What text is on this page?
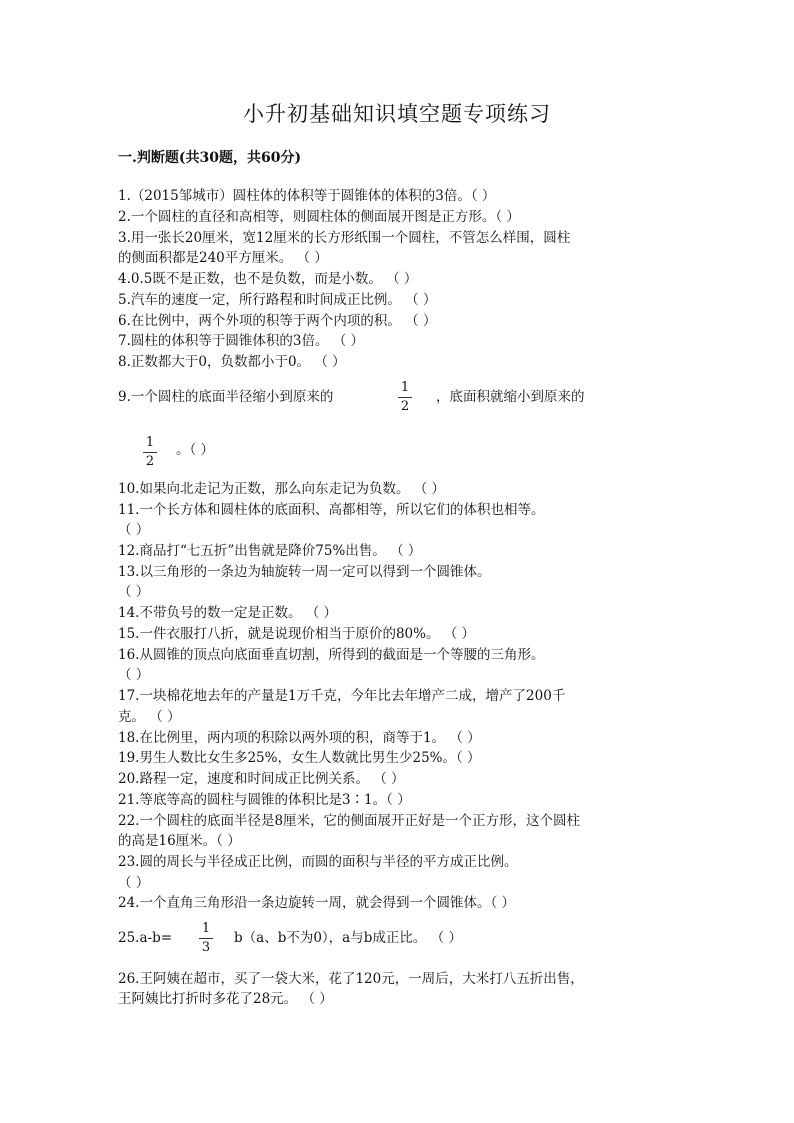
小升初基础知识填空题专项练习
一.判断题(共30题，共60分)
1.（2015邹城市）圆柱体的体积等于圆锥体的体积的3倍。（ ）
2.一个圆柱的直径和高相等，则圆柱体的侧面展开图是正方形。（ ）
3.用一张长20厘米，宽12厘米的长方形纸围一个圆柱，不管怎么样围，圆柱
的侧面积都是240平方厘米。 （ ）
4.0.5既不是正数，也不是负数，而是小数。 （ ）
5.汽车的速度一定，所行路程和时间成正比例。 （ ）
6.在比例中，两个外项的积等于两个内项的积。 （ ）
7.圆柱的体积等于圆锥体积的3倍。 （ ）
8.正数都大于0，负数都小于0。 （ ）
9.一个圆柱的底面半径缩小到原来的
1
2
，底面积就缩小到原来的
1
2
。（ ）
10.如果向北走记为正数，那么向东走记为负数。 （ ）
11.一个长方体和圆柱体的底面积、高都相等，所以它们的体积也相等。
（ ）
12.商品打“七五折”出售就是降价75%出售。 （ ）
13.以三角形的一条边为轴旋转一周一定可以得到一个圆锥体。
（ ）
14.不带负号的数一定是正数。 （ ）
15.一件衣服打八折，就是说现价相当于原价的80%。 （ ）
16.从圆锥的顶点向底面垂直切割，所得到的截面是一个等腰的三角形。
（ ）
17.一块棉花地去年的产量是1万千克，今年比去年增产二成，增产了200千
克。 （ ）
18.在比例里，两内项的积除以两外项的积，商等于1。 （ ）
19.男生人数比女生多25%，女生人数就比男生少25%。（ ）
20.路程一定，速度和时间成正比例关系。 （ ）
21.等底等高的圆柱与圆锥的体积比是3∶1。（ ）
22.一个圆柱的底面半径是8厘米，它的侧面展开正好是一个正方形，这个圆柱
的高是16厘米。（ ）
23.圆的周长与半径成正比例，而圆的面积与半径的平方成正比例。
（ ）
24.一个直角三角形沿一条边旋转一周，就会得到一个圆锥体。（ ）
25.a-b=
1
3
b（a、b不为0），a与b成正比。 （ ）
26.王阿姨在超市，买了一袋大米，花了120元，一周后，大米打八五折出售，
王阿姨比打折时多花了28元。 （ ）
